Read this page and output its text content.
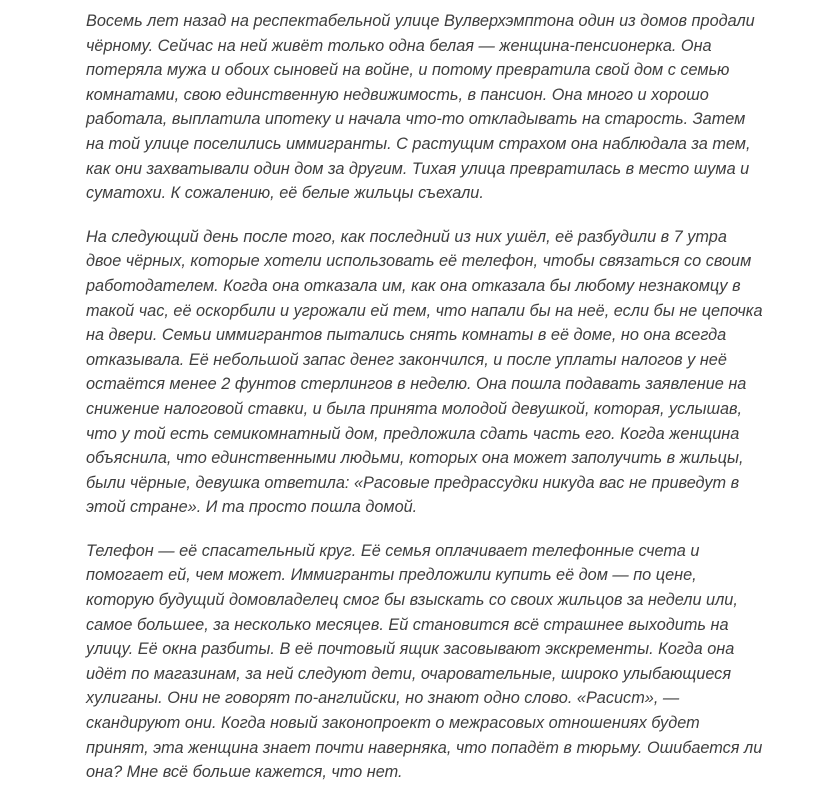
Восемь лет назад на респектабельной улице Вулверхэмптона один из домов продали чёрному. Сейчас на ней живёт только одна белая — женщина-пенсионерка. Она потеряла мужа и обоих сыновей на войне, и потому превратила свой дом с семью комнатами, свою единственную недвижимость, в пансион. Она много и хорошо работала, выплатила ипотеку и начала что-то откладывать на старость. Затем на той улице поселились иммигранты. С растущим страхом она наблюдала за тем, как они захватывали один дом за другим. Тихая улица превратилась в место шума и суматохи. К сожалению, её белые жильцы съехали.

На следующий день после того, как последний из них ушёл, её разбудили в 7 утра двое чёрных, которые хотели использовать её телефон, чтобы связаться со своим работодателем. Когда она отказала им, как она отказала бы любому незнакомцу в такой час, её оскорбили и угрожали ей тем, что напали бы на неё, если бы не цепочка на двери. Семьи иммигрантов пытались снять комнаты в её доме, но она всегда отказывала. Её небольшой запас денег закончился, и после уплаты налогов у неё остаётся менее 2 фунтов стерлингов в неделю. Она пошла подавать заявление на снижение налоговой ставки, и была принята молодой девушкой, которая, услышав, что у той есть семикомнатный дом, предложила сдать часть его. Когда женщина объяснила, что единственными людьми, которых она может заполучить в жильцы, были чёрные, девушка ответила: «Расовые предрассудки никуда вас не приведут в этой стране». И та просто пошла домой.

Телефон — её спасательный круг. Её семья оплачивает телефонные счета и помогает ей, чем может. Иммигранты предложили купить её дом — по цене, которую будущий домовладелец смог бы взыскать со своих жильцов за недели или, самое большее, за несколько месяцев. Ей становится всё страшнее выходить на улицу. Её окна разбиты. В её почтовый ящик засовывают экскременты. Когда она идёт по магазинам, за ней следуют дети, очаровательные, широко улыбающиеся хулиганы. Они не говорят по-английски, но знают одно слово. «Расист», — скандируют они. Когда новый законопроект о межрасовых отношениях будет принят, эта женщина знает почти наверняка, что попадёт в тюрьму. Ошибается ли она? Мне всё больше кажется, что нет.
